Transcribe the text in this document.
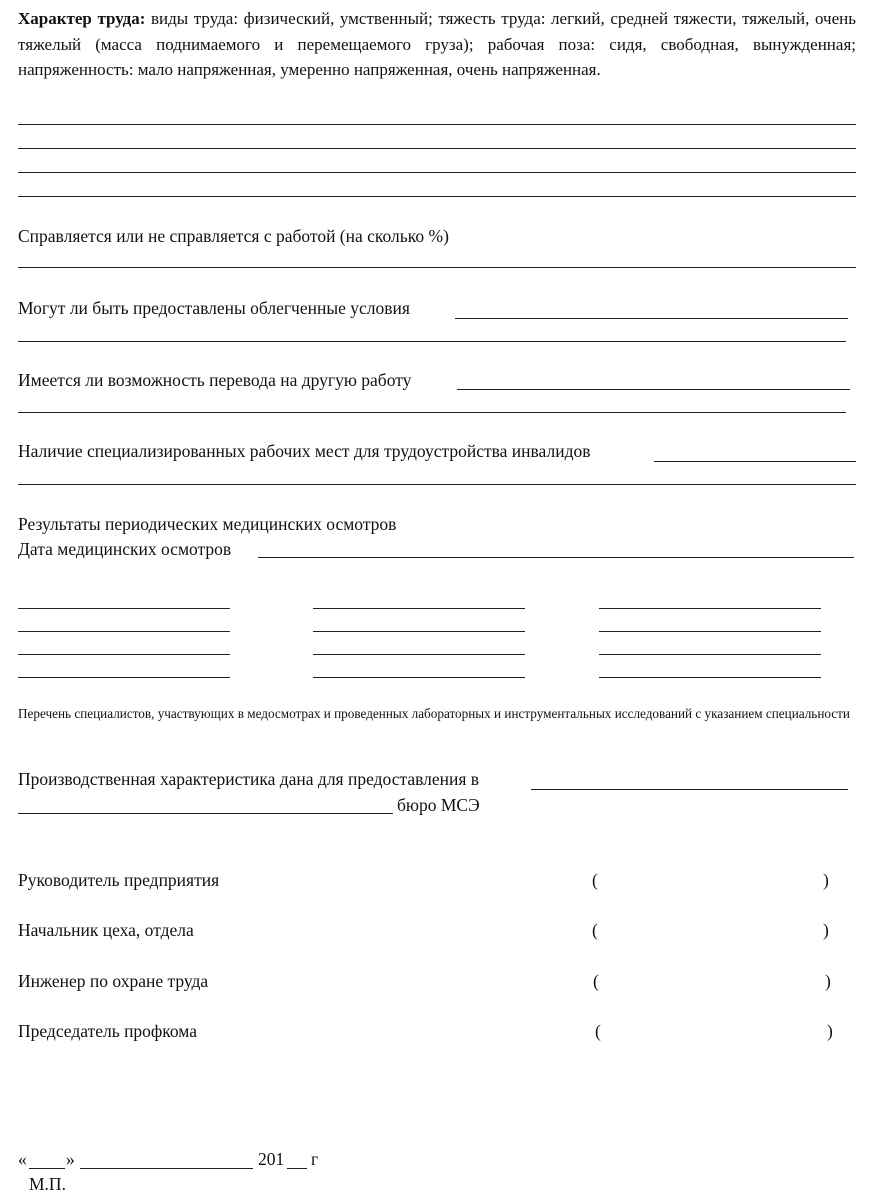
Характер труда: виды труда: физический, умственный; тяжесть труда: легкий, средней тяжести, тяжелый, очень тяжелый (масса поднимаемого и перемещаемого груза); рабочая поза: сидя, свободная, вынужденная; напряженность: мало напряженная, умеренно напряженная, очень напряженная.
Справляется или не справляется с работой (на сколько %)
Могут ли быть предоставлены облегченные условия
Имеется ли возможность перевода на другую работу
Наличие специализированных рабочих мест для трудоустройства инвалидов
Результаты периодических медицинских осмотров
Дата медицинских осмотров
Перечень специалистов, участвующих в медосмотрах и проведенных лабораторных и инструментальных исследований с указанием специальности
Производственная характеристика дана для предоставления в
бюро МСЭ
Руководитель предприятия	(	)
Начальник цеха, отдела	(	)
Инженер по охране труда	(	)
Председатель профкома	(	)
« »	201 г
М.П.
